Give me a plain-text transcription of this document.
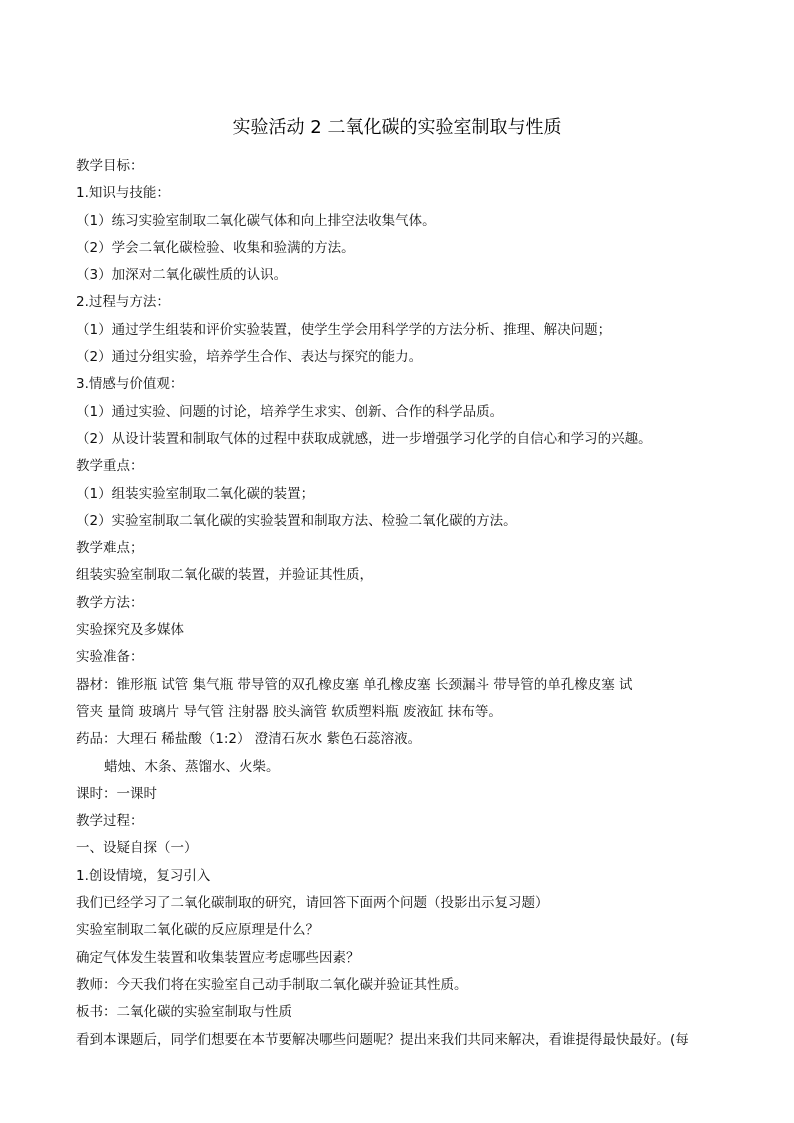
实验活动 2 二氧化碳的实验室制取与性质
教学目标：
1.知识与技能：
（1）练习实验室制取二氧化碳气体和向上排空法收集气体。
（2）学会二氧化碳检验、收集和验满的方法。
（3）加深对二氧化碳性质的认识。
2.过程与方法：
（1）通过学生组装和评价实验装置，使学生学会用科学学的方法分析、推理、解决问题；
（2）通过分组实验，培养学生合作、表达与探究的能力。
3.情感与价值观：
（1）通过实验、问题的讨论，培养学生求实、创新、合作的科学品质。
（2）从设计装置和制取气体的过程中获取成就感，进一步增强学习化学的自信心和学习的兴趣。
教学重点：
（1）组装实验室制取二氧化碳的装置；
（2）实验室制取二氧化碳的实验装置和制取方法、检验二氧化碳的方法。
教学难点；
组装实验室制取二氧化碳的装置，并验证其性质，
教学方法：
实验探究及多媒体
实验准备：
器材：锥形瓶 试管 集气瓶 带导管的双孔橡皮塞 单孔橡皮塞 长颈漏斗 带导管的单孔橡皮塞 试
管夹 量筒 玻璃片 导气管 注射器 胶头滴管 软质塑料瓶 废液缸 抹布等。
药品：大理石 稀盐酸（1:2） 澄清石灰水 紫色石蕊溶液。
蜡烛、木条、蒸馏水、火柴。
课时：一课时
教学过程：
一、设疑自探（一）
1.创设情境，复习引入
我们已经学习了二氧化碳制取的研究，请回答下面两个问题（投影出示复习题）
实验室制取二氧化碳的反应原理是什么？
确定气体发生装置和收集装置应考虑哪些因素？
教师：今天我们将在实验室自己动手制取二氧化碳并验证其性质。
板书：二氧化碳的实验室制取与性质
看到本课题后，同学们想要在本节要解决哪些问题呢？提出来我们共同来解决，看谁提得最快最好。(每
